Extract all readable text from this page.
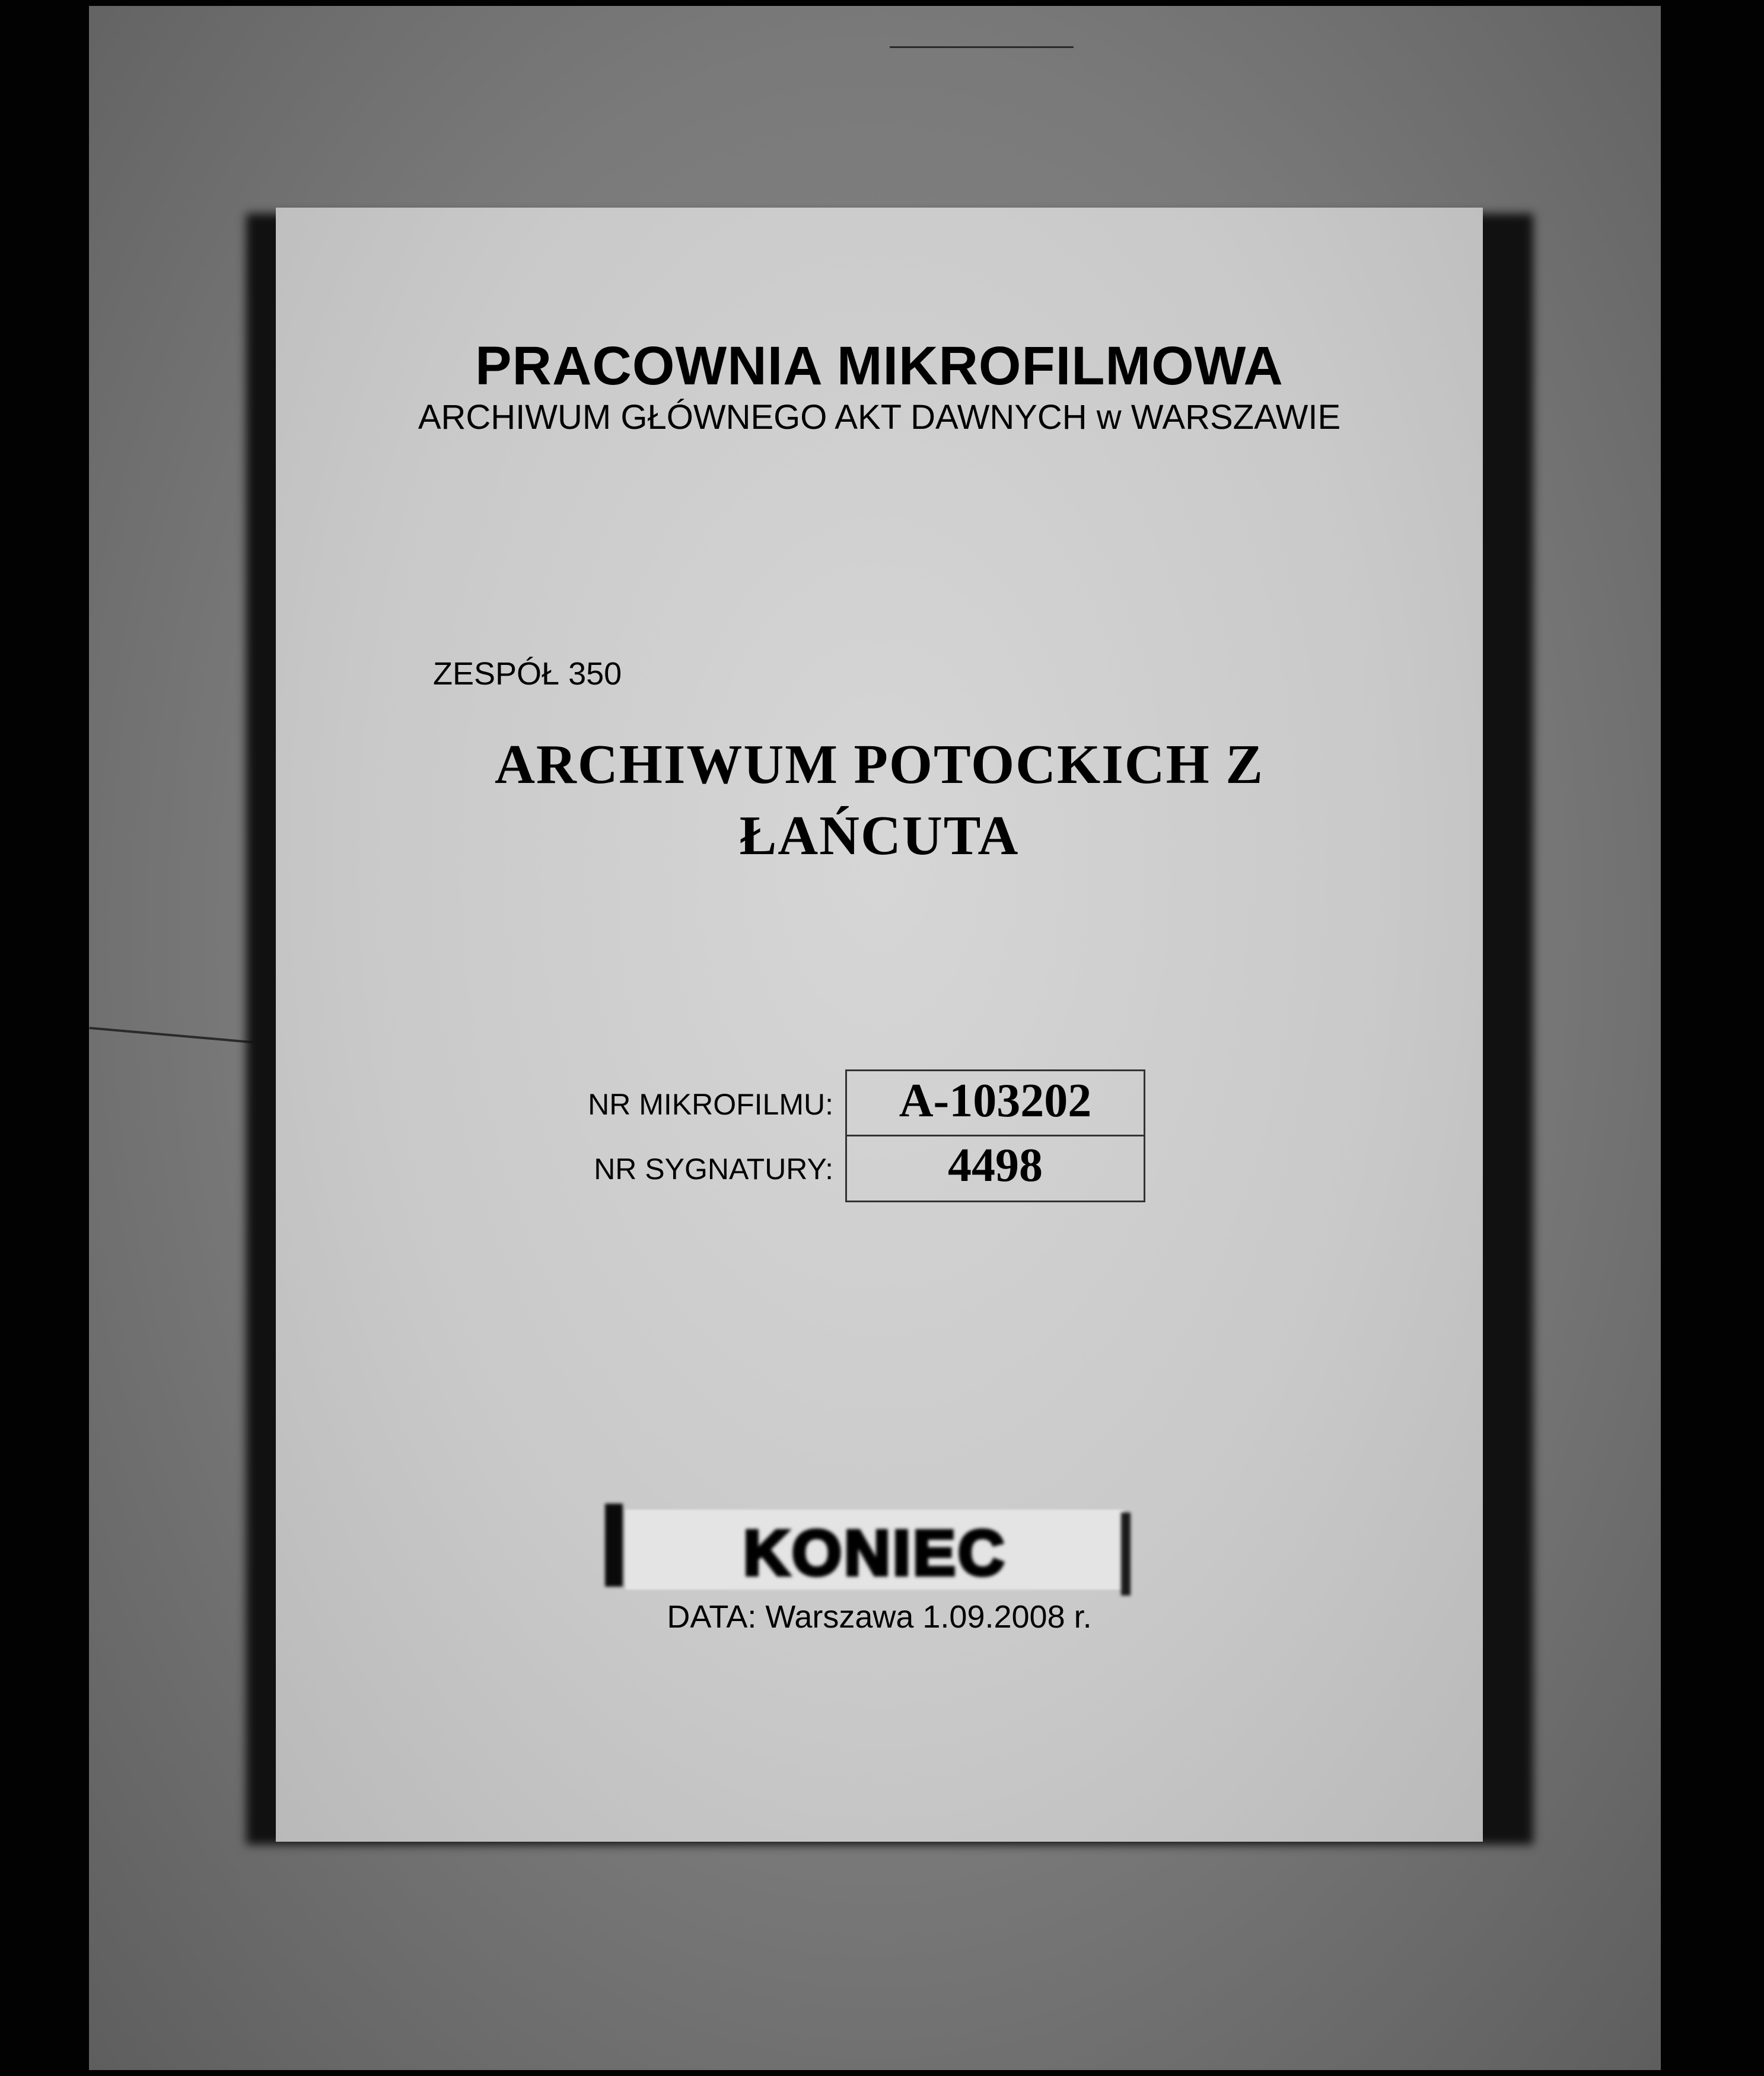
PRACOWNIA MIKROFILMOWA
ARCHIWUM GŁÓWNEGO AKT DAWNYCH w WARSZAWIE
ZESPÓŁ 350
ARCHIWUM POTOCKICH Z
ŁAŃCUTA
NR MIKROFILMU:
NR SYGNATURY:
A-103202
4498
KONIEC
DATA: Warszawa 1.09.2008 r.
